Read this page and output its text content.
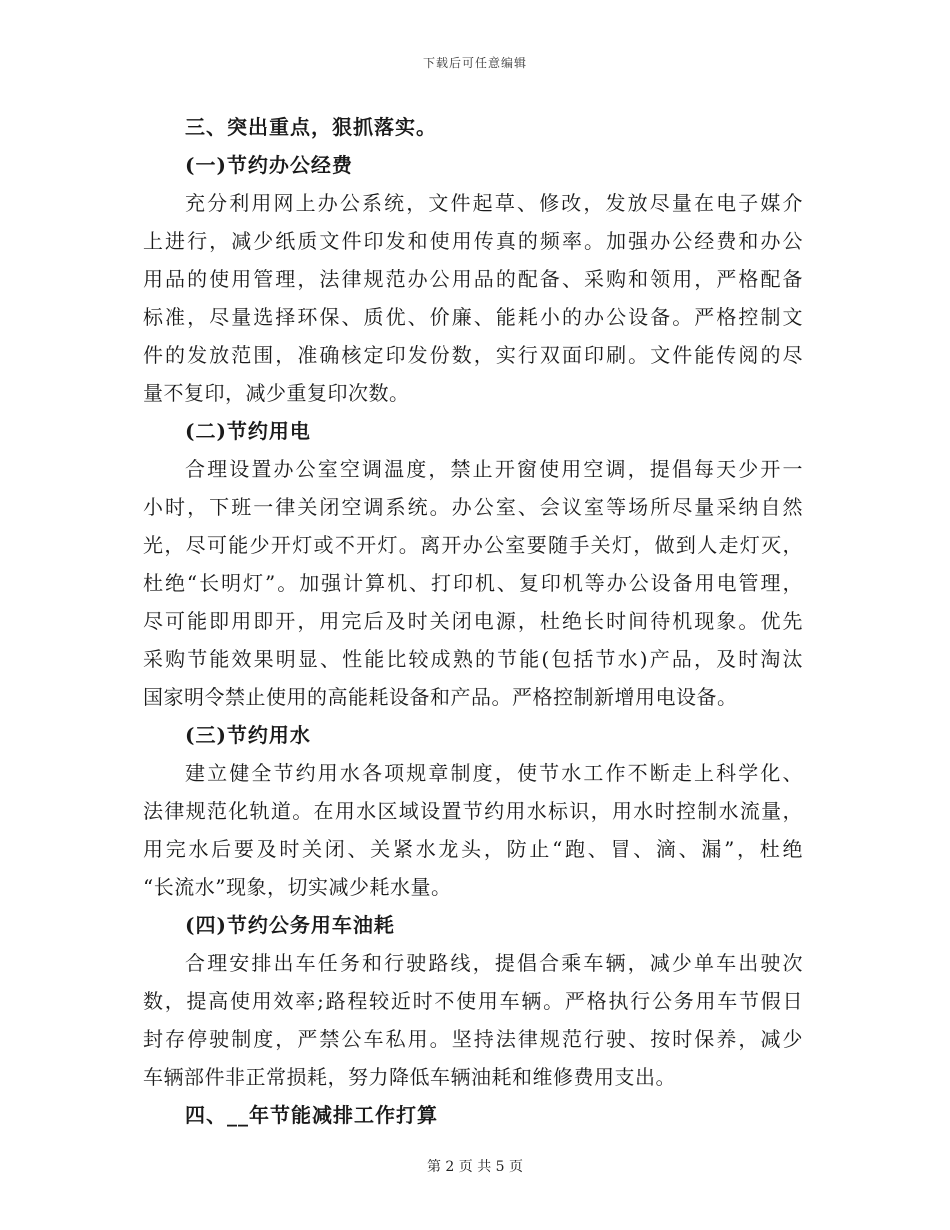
下载后可任意编辑
三、突出重点，狠抓落实。
(一)节约办公经费
充分利用网上办公系统，文件起草、修改，发放尽量在电子媒介
上进行，减少纸质文件印发和使用传真的频率。加强办公经费和办公
用品的使用管理，法律规范办公用品的配备、采购和领用，严格配备
标准，尽量选择环保、质优、价廉、能耗小的办公设备。严格控制文
件的发放范围，准确核定印发份数，实行双面印刷。文件能传阅的尽
量不复印，减少重复印次数。
(二)节约用电
合理设置办公室空调温度，禁止开窗使用空调，提倡每天少开一
小时，下班一律关闭空调系统。办公室、会议室等场所尽量采纳自然
光，尽可能少开灯或不开灯。离开办公室要随手关灯，做到人走灯灭，
杜绝“长明灯”。加强计算机、打印机、复印机等办公设备用电管理，
尽可能即用即开，用完后及时关闭电源，杜绝长时间待机现象。优先
采购节能效果明显、性能比较成熟的节能(包括节水)产品，及时淘汰
国家明令禁止使用的高能耗设备和产品。严格控制新增用电设备。
(三)节约用水
建立健全节约用水各项规章制度，使节水工作不断走上科学化、
法律规范化轨道。在用水区域设置节约用水标识，用水时控制水流量，
用完水后要及时关闭、关紧水龙头，防止“跑、冒、滴、漏”，杜绝
“长流水”现象，切实减少耗水量。
(四)节约公务用车油耗
合理安排出车任务和行驶路线，提倡合乘车辆，减少单车出驶次
数，提高使用效率;路程较近时不使用车辆。严格执行公务用车节假日
封存停驶制度，严禁公车私用。坚持法律规范行驶、按时保养，减少
车辆部件非正常损耗，努力降低车辆油耗和维修费用支出。
四、__年节能减排工作打算
第 2 页 共 5 页
